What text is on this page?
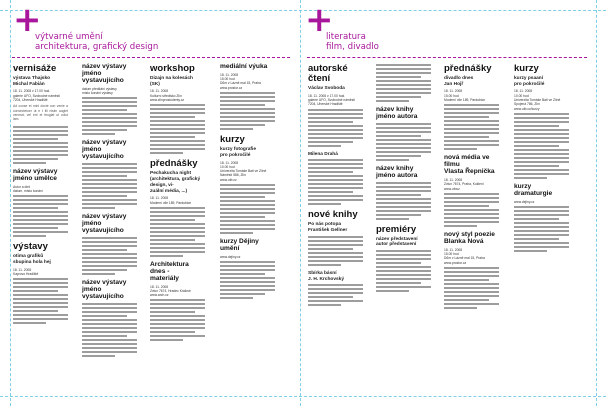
+
výtvarné umění
architektura, grafický design
+
literatura
film, divadlo
vernisáže
výstava Thajsko
Michal Fabián
18. 11. 2008 v 17.00 hod.
galerie UFO, Svobodné náměstí
7204, Uherské Hradiště
Ad conse et mini docte con venie a consectetuer ut e t illi nisim augiet venmat, vel ent et feugiat ut volut lam.
název výstavy
jméno umělce
Autor a diet
datum, místo konání
výstavy
otima grafiků
sbupina hola hej
18. 11. 2008
Kayrovo Hradiště
název výstavy
jméno vystavujícího
datum předšání výstavy
místo konání výstavy
název výstavy
jméno vystavujícího
název výstavy
jméno vystavujícího
název výstavy
jméno vystavujícího
workshop
Dizajn na kolesách
(SK)
18. 11. 2008
Kulturní středisko Zlín
www.zlinprostudenty.cz
přednášky
Pechakucha night
(architektura, grafický design, vi-
zuální média, ...)
18. 11. 2008
Moderní vile 189, Pardubice
Architektura dnes -
materiály
18. 11. 2008
Zvlun 7674, Hradec Králové
www.arch.cz
mediální výuka
18. 11. 2008
15.00 hod
Dům v Lázně mal 15, Praha
www.prostor.cz
kurzy
kurzy fotografie
pro pokročilé
18. 11. 2008
10.00 hod
Univerzita Tomáše Bati ve Zlíně
Náměstí 586, Zlín
www.utb.cz
kurzy Dějiny umění
www.dejiny.cz
autorské
čtení
Václav Svoboda
18. 11. 2008 v 17.00 hod.
galerie UFO, Svobodné náměstí
7204, Uherské Hradiště
Milena Drahá
nové knihy
Po nás potopa
František Gellner
Sbírka básní
J. H. Krchovský
název knihy
jméno autora
název knihy
jméno autora
premiéry
název představení
autor představení
přednášky
divadlo dnes
Jan Hojř
18. 11. 2008
15.00 hod
Moderní vile 189, Pardubice
nová média ve filmu
Vlasta Řepnička
18. 11. 2008
Zvlun 7674, Praha, Kuklení
www.ufocz
nový styl poezie
Blanka Nová
18. 11. 2008
15.00 hod
Dům v Lázně mal 15, Praha
www.prostor.cz
kurzy
kurzy psaaní
pro pokročilé
18. 11. 2008
10.00 hod
Univerzita Tomáše Bati ve Zlíně
Spojená 786, Zlín
www.utb.cz/kurzy
kurzy dramaturgie
www.dejiny.cz
